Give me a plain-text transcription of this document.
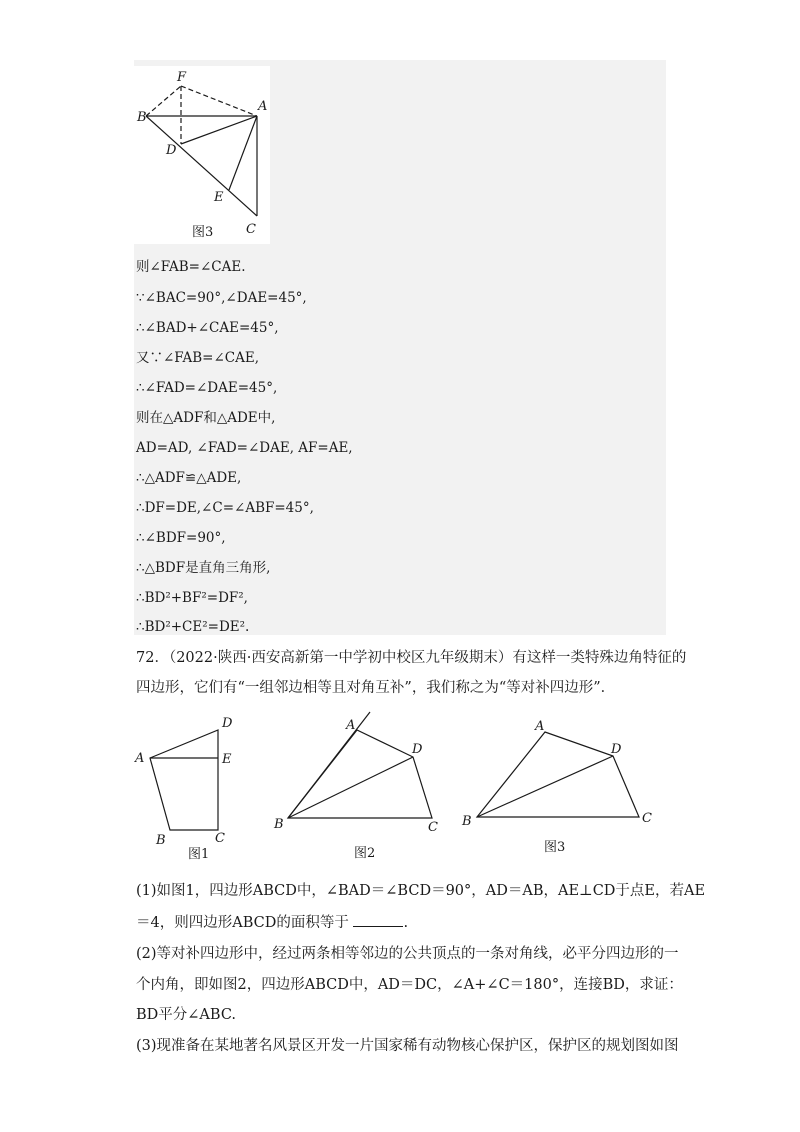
F
A
B
D
E
C
图3
则∠FAB=∠CAE.
∵∠BAC=90°,∠DAE=45°,
∴∠BAD+∠CAE=45°,
又∵∠FAB=∠CAE,
∴∠FAD=∠DAE=45°,
则在△ADF和△ADE中,
AD=AD, ∠FAD=∠DAE, AF=AE,
∴△ADF≌△ADE,
∴DF=DE,∠C=∠ABF=45°,
∴∠BDF=90°,
∴△BDF是直角三角形,
∴BD²+BF²=DF²,
∴BD²+CE²=DE².
72．（2022·陕西·西安高新第一中学初中校区九年级期末）有这样一类特殊边角特征的
四边形，它们有“一组邻边相等且对角互补”，我们称之为“等对补四边形”．
D
A	E
B	C
图1
A
D
B	C
图2
A
D
B	C
图3
(1)如图1，四边形ABCD中，∠BAD＝∠BCD＝90°，AD＝AB，AE⊥CD于点E，若AE
＝4，则四边形ABCD的面积等于	.
(2)等对补四边形中，经过两条相等邻边的公共顶点的一条对角线，必平分四边形的一
个内角，即如图2，四边形ABCD中，AD＝DC，∠A+∠C＝180°，连接BD，求证：
BD平分∠ABC.
(3)现准备在某地著名风景区开发一片国家稀有动物核心保护区，保护区的规划图如图
